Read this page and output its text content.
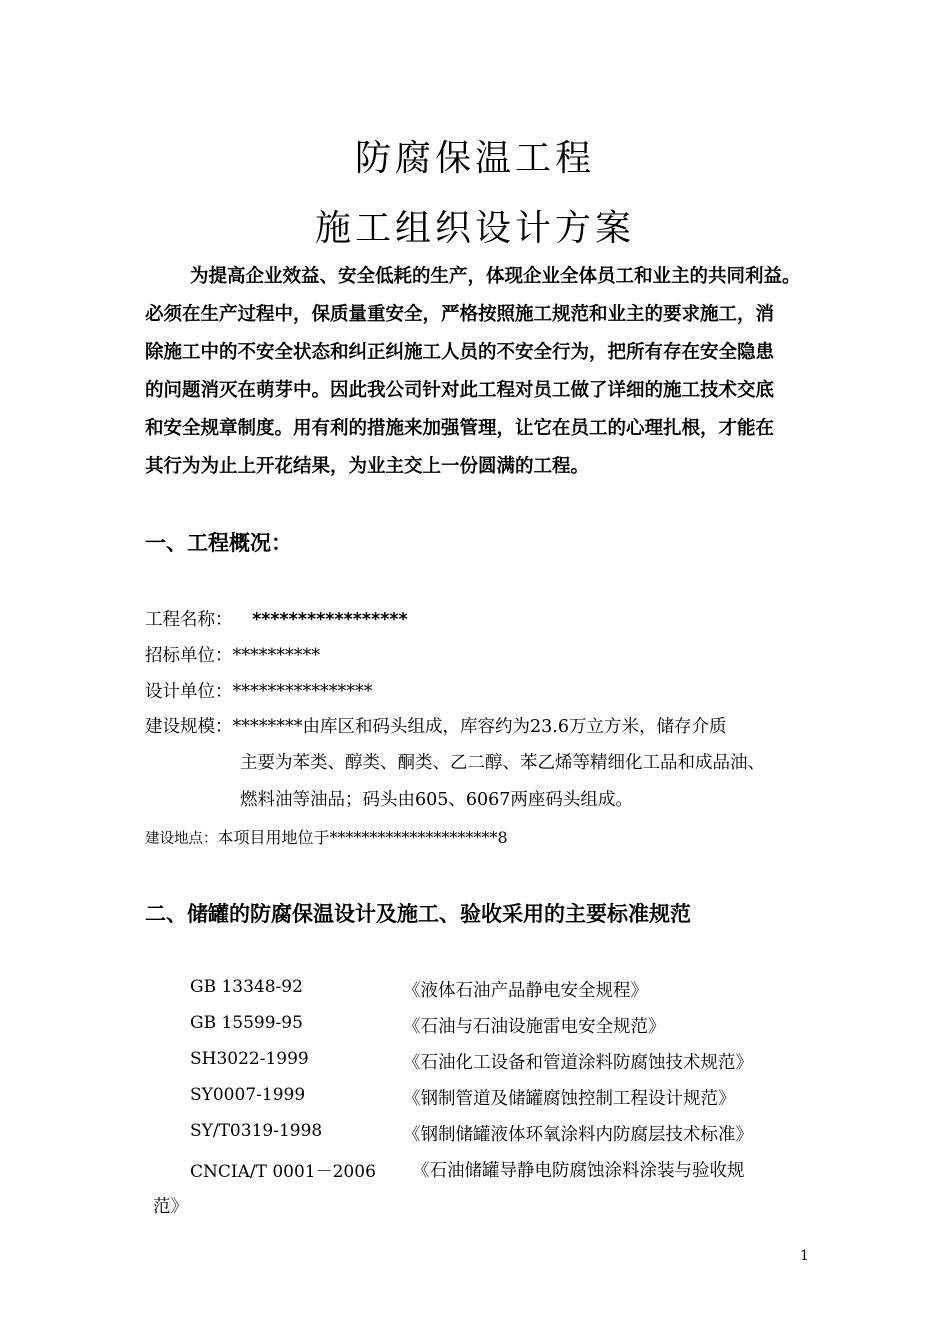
防腐保温工程
施工组织设计方案
为提高企业效益、安全低耗的生产，体现企业全体员工和业主的共同利益。
必须在生产过程中，保质量重安全，严格按照施工规范和业主的要求施工，消
除施工中的不安全状态和纠正纠施工人员的不安全行为，把所有存在安全隐患
的问题消灭在萌芽中。因此我公司针对此工程对员工做了详细的施工技术交底
和安全规章制度。用有利的措施来加强管理，让它在员工的心理扎根，才能在
其行为为止上开花结果，为业主交上一份圆满的工程。
一、工程概况：
工程名称： *****************
招标单位：**********
设计单位：****************
建设规模：********由库区和码头组成，库容约为23.6万立方米，储存介质
主要为苯类、醇类、酮类、乙二醇、苯乙烯等精细化工品和成品油、
燃料油等油品；码头由605、6067两座码头组成。
建设地点：本项目用地位于*********************8
二、储罐的防腐保温设计及施工、验收采用的主要标准规范
GB 13348-92	《液体石油产品静电安全规程》
GB 15599-95	《石油与石油设施雷电安全规范》
SH3022-1999	《石油化工设备和管道涂料防腐蚀技术规范》
SY0007-1999	《钢制管道及储罐腐蚀控制工程设计规范》
SY/T0319-1998	《钢制储罐液体环氧涂料内防腐层技术标准》
CNCIA/T 0001－2006 《石油储罐导静电防腐蚀涂料涂装与验收规
范》
1
